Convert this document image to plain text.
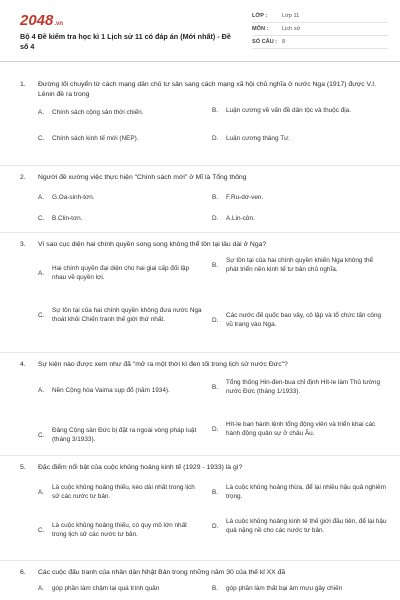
2048.vn
Bộ 4 Đề kiểm tra học kì 1 Lịch sử 11 có đáp án (Mới nhất) - Đề số 4
LỚP :	Lớp 11
MÔN :	Lịch sử
SỐ CÂU : 8
1.	Đường lối chuyển từ cách mạng dân chủ tư sản sang cách mạng xã hội chủ nghĩa ở nước Nga (1917) được V.I. Lênin đề ra trong
A.	Chính sách cộng sản thời chiến.	B.	Luận cương về vấn đề dân tộc và thuộc địa.
C.	Chính sách kinh tế mới (NEP).	D.	Luận cương tháng Tư.
2.	Người đề xướng việc thực hiện "Chính sách mới" ở Mĩ là Tổng thống
A.	G.Oa-sinh-tơn.	B.	F.Ru-dơ-ven.
C.	B.Clin-tơn.	D.	A.Lin-côn.
3.	Vì sao cục diện hai chính quyền song song không thể tồn tại lâu dài ở Nga?
A.
Hai chính quyền đại diện cho hai giai cấp đối lập nhau về quyền lợi.
B.
Sự tồn tại của hai chính quyền khiến Nga không thể phát triển nền kinh tế tư bản chủ nghĩa.
C.
Sự tồn tại của hai chính quyền không đưa nước Nga thoát khỏi Chiến tranh thế giới thứ nhất.	D.
Các nước đế quốc bao vây, cô lập và tổ chức tấn công vũ trang vào Nga.
4.	Sự kiện nào được xem như đã "mở ra một thời kì đen tối trong lịch sử nước Đức"?
A.	Nền Cộng hòa Vaima sụp đổ (năm 1934).	B.
Tổng thống Hin-đen-bua chỉ định Hít-le làm Thủ tướng nước Đức (tháng 1/1933).
C.
Đảng Cộng sản Đức bị đặt ra ngoài vòng pháp luật (tháng 3/1933).
D.
Hít-le ban hành lệnh tổng động viên và triển khai các hành động quân sự ở châu Âu.
5.	Đặc điểm nổi bật của cuộc khủng hoảng kinh tế (1929 - 1933) là gì?
A.
Là cuộc khủng hoảng thiếu, kéo dài nhất trong lịch sử các nước tư bản.
B.
Là cuộc khủng hoảng thừa, để lại nhiều hậu quả nghiêm trọng.
C.
Là cuộc khủng hoảng thiếu, có quy mô lớn nhất trong lịch sử các nước tư bản.
D.
Là cuộc khủng hoảng kinh tế thế giới đầu tiên, để lại hậu quả nặng nề cho các nước tư bản.
6.	Các cuộc đấu tranh của nhân dân Nhật Bản trong những năm 30 của thế kỉ XX đã
A.	góp phần làm chậm lại quá trình quân	B.	góp phần làm thất bại âm mưu gây chiến
